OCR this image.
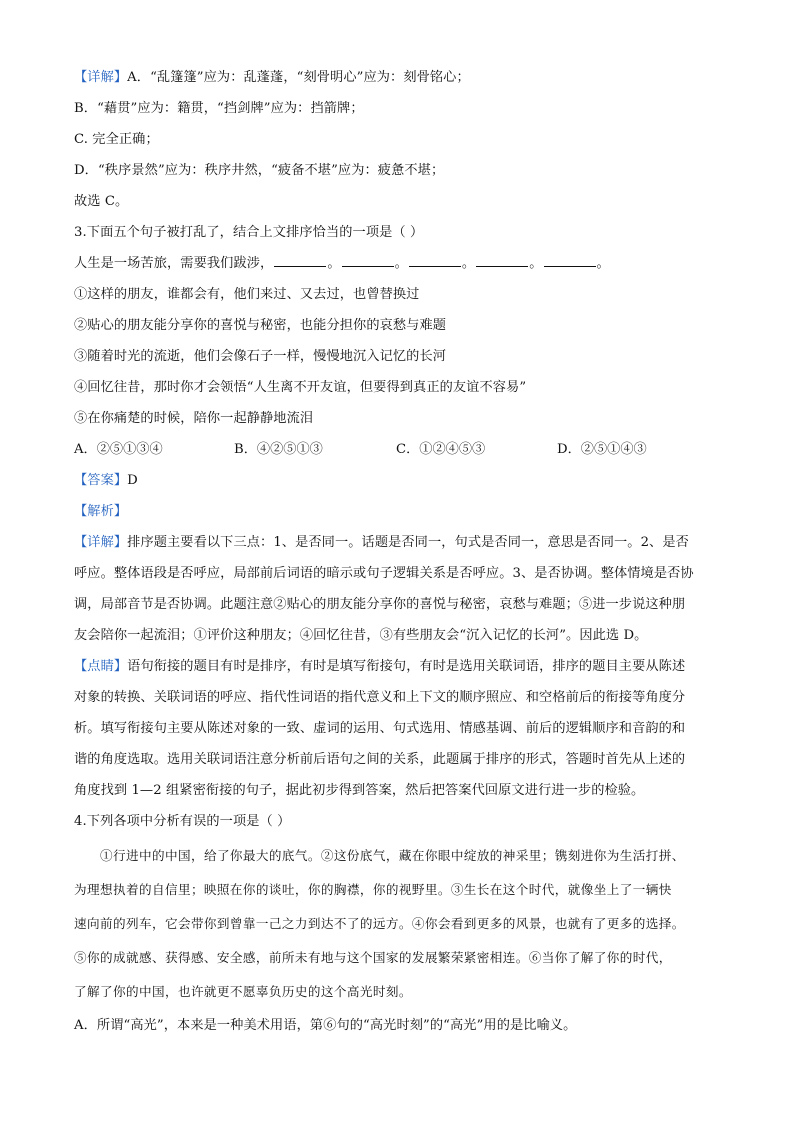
【详解】A．“乱篷篷”应为：乱蓬蓬，“刻骨明心”应为：刻骨铭心；
B．“藉贯”应为：籍贯，“挡剑牌”应为：挡箭牌；
C. 完全正确；
D．“秩序景然”应为：秩序井然，“疲备不堪”应为：疲惫不堪；
故选 C。
3.下面五个句子被打乱了，结合上文排序恰当的一项是（ ）
人生是一场苦旅，需要我们跋涉，	。	。	。	。	。
①这样的朋友，谁都会有，他们来过、又去过，也曾替换过
②贴心的朋友能分享你的喜悦与秘密，也能分担你的哀愁与难题
③随着时光的流逝，他们会像石子一样，慢慢地沉入记忆的长河
④回忆往昔，那时你才会领悟“人生离不开友谊，但要得到真正的友谊不容易”
⑤在你痛楚的时候，陪你一起静静地流泪
A．②⑤①③④	B．④②⑤①③	C．①②④⑤③	D．②⑤①④③
【答案】D
【解析】
【详解】排序题主要看以下三点：1、是否同一。话题是否同一，句式是否同一，意思是否同一。2、是否
呼应。整体语段是否呼应，局部前后词语的暗示或句子逻辑关系是否呼应。3、是否协调。整体情境是否协
调，局部音节是否协调。此题注意②贴心的朋友能分享你的喜悦与秘密，哀愁与难题；⑤进一步说这种朋
友会陪你一起流泪；①评价这种朋友；④回忆往昔，③有些朋友会“沉入记忆的长河”。因此选 D。
【点睛】语句衔接的题目有时是排序，有时是填写衔接句，有时是选用关联词语，排序的题目主要从陈述
对象的转换、关联词语的呼应、指代性词语的指代意义和上下文的顺序照应、和空格前后的衔接等角度分
析。填写衔接句主要从陈述对象的一致、虚词的运用、句式选用、情感基调、前后的逻辑顺序和音韵的和
谐的角度选取。选用关联词语注意分析前后语句之间的关系，此题属于排序的形式，答题时首先从上述的
角度找到 1—2 组紧密衔接的句子，据此初步得到答案，然后把答案代回原文进行进一步的检验。
4.下列各项中分析有误的一项是（ ）
①行进中的中国，给了你最大的底气。②这份底气，藏在你眼中绽放的神采里；镌刻进你为生活打拼、
为理想执着的自信里；映照在你的谈吐，你的胸襟，你的视野里。③生长在这个时代，就像坐上了一辆快
速向前的列车，它会带你到曾靠一己之力到达不了的远方。④你会看到更多的风景，也就有了更多的选择。
⑤你的成就感、获得感、安全感，前所未有地与这个国家的发展繁荣紧密相连。⑥当你了解了你的时代，
了解了你的中国，也许就更不愿辜负历史的这个高光时刻。
A．所谓“高光”，本来是一种美术用语，第⑥句的“高光时刻”的“高光”用的是比喻义。
